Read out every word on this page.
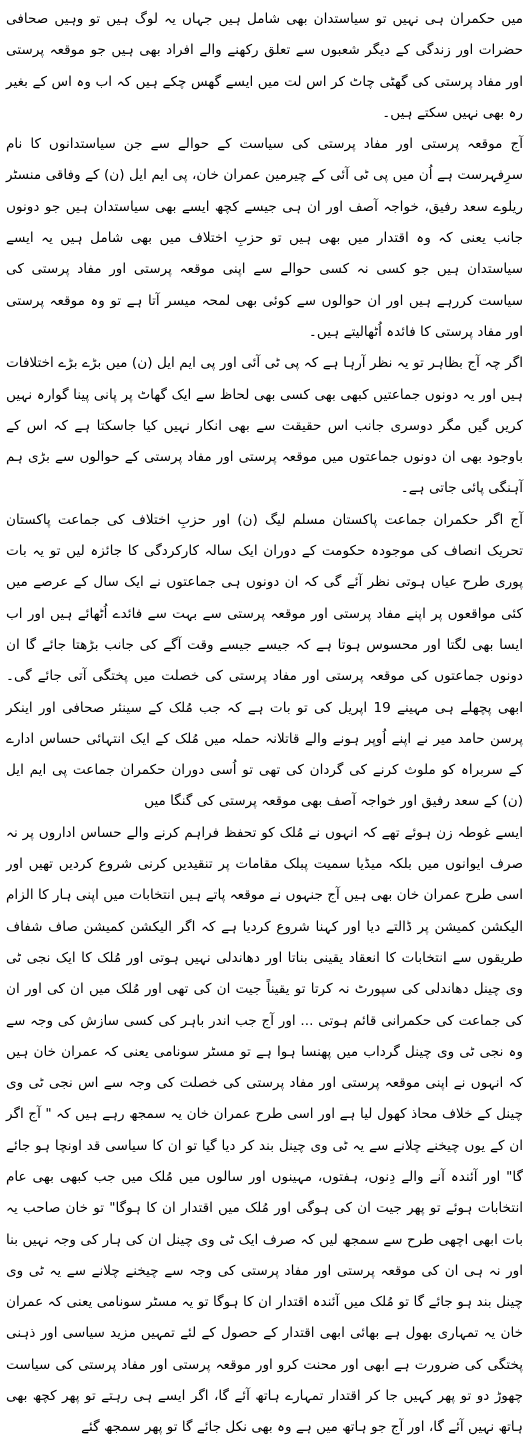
میں حکمران ہی نہیں تو سیاستدان بھی شامل ہیں جہاں یہ لوگ ہیں تو وہیں صحافی حضرات اور زندگی کے دیگر شعبوں سے تعلق رکھنے والے افراد بھی ہیں جو موقعہ پرستی اور مفاد پرستی کی گھٹی چاٹ کر اس لت میں ایسے گھس چکے ہیں کہ اب وہ اس کے بغیر رہ بھی نہیں سکتے ہیں۔

آج موقعہ پرستی اور مفاد پرستی کی سیاست کے حوالے سے جن سیاستدانوں کا نام سرِفہرست ہے اُن میں پی ٹی آئی کے چیرمین عمران خان، پی ایم ایل (ن) کے وفاقی منسٹر ریلوے سعد رفیق، خواجہ آصف اور ان ہی جیسے کچھ ایسے بھی سیاستدان ہیں جو دونوں جانب یعنی کہ وہ اقتدار میں بھی ہیں تو حزبِ اختلاف میں بھی شامل ہیں یہ ایسے سیاستدان ہیں جو کسی نہ کسی حوالے سے اپنی موقعہ پرستی اور مفاد پرستی کی سیاست کررہے ہیں اور ان حوالوں سے کوئی بھی لمحہ میسر آتا ہے تو وہ موقعہ پرستی اور مفاد پرستی کا فائدہ اُٹھالیتے ہیں۔

اگر چہ آج بظاہر تو یہ نظر آرہا ہے کہ پی ٹی آئی اور پی ایم ایل (ن) میں بڑے بڑے اختلافات ہیں اور یہ دونوں جماعتیں کبھی بھی کسی بھی لحاظ سے ایک گھاٹ پر پانی پینا گوارہ نہیں کریں گیں مگر دوسری جانب اس حقیقت سے بھی انکار نہیں کیا جاسکتا ہے کہ اس کے باوجود بھی ان دونوں جماعتوں میں موقعہ پرستی اور مفاد پرستی کے حوالوں سے بڑی ہم آہنگی پائی جاتی ہے۔

آج اگر حکمران جماعت پاکستان مسلم لیگ (ن) اور حزبِ اختلاف کی جماعت پاکستان تحریک انصاف کی موجودہ حکومت کے دوران ایک سالہ کارکردگی کا جائزہ لیں تو یہ بات پوری طرح عیاں ہوتی نظر آئے گی کہ ان دونوں ہی جماعتوں نے ایک سال کے عرصے میں کئی مواقعوں پر اپنے مفاد پرستی اور موقعہ پرستی سے بہت سے فائدے اُٹھائے ہیں اور اب ایسا بھی لگتا اور محسوس ہوتا ہے کہ جیسے جیسے وقت آگے کی جانب بڑھتا جائے گا ان دونوں جماعتوں کی موقعہ پرستی اور مفاد پرستی کی خصلت میں پختگی آتی جائے گی۔ ابھی پچھلے ہی مہینے 19 اپریل کی تو بات ہے کہ جب مُلک کے سینئر صحافی اور اینکر پرسن حامد میر نے اپنے اُوپر ہونے والے قاتلانہ حملہ میں مُلک کے ایک انتہائی حساس ادارے کے سربراہ کو ملوث کرنے کی گردان کی تھی تو اُسی دوران حکمران جماعت پی ایم ایل (ن) کے سعد رفیق اور خواجہ آصف بھی موقعہ پرستی کی گنگا میں

ایسے غوطہ زن ہوئے تھے کہ انہوں نے مُلک کو تحفظ فراہم کرنے والے حساس اداروں پر نہ صرف ایوانوں میں بلکہ میڈیا سمیت پبلک مقامات پر تنقیدیں کرنی شروع کردیں تھیں اور اسی طرح عمران خان بھی ہیں آج جنہوں نے موقعہ پاتے ہیں انتخابات میں اپنی ہار کا الزام الیکشن کمیشن پر ڈالتے دیا اور کہنا شروع کردیا ہے کہ اگر الیکشن کمیشن صاف شفاف طریقوں سے انتخابات کا انعقاد یقینی بناتا اور دھاندلی نہیں ہوتی اور مُلک کا ایک نجی ٹی وی چینل دھاندلی کی سپورٹ نہ کرتا تو یقیناً جیت ان کی تھی اور مُلک میں ان کی اور ان کی جماعت کی حکمرانی قائم ہوتی ... اور آج جب اندر باہر کی کسی سازش کی وجہ سے وہ نجی ٹی وی چینل گرداب میں پھنسا ہوا ہے تو مسٹر سونامی یعنی کہ عمران خان ہیں کہ انہوں نے اپنی موقعہ پرستی اور مفاد پرستی کی خصلت کی وجہ سے اس نجی ٹی وی چینل کے خلاف محاذ کھول لیا ہے اور اسی طرح عمران خان یہ سمجھ رہے ہیں کہ " آج اگر ان کے یوں چیخنے چلانے سے یہ ٹی وی چینل بند کر دیا گیا تو ان کا سیاسی قد اونچا ہو جائے گا" اور آئندہ آنے والے دِنوں، ہفتوں، مہینوں اور سالوں میں مُلک میں جب کبھی بھی عام انتخابات ہوئے تو پھر جیت ان کی ہوگی اور مُلک میں اقتدار ان کا ہوگا" تو خان صاحب یہ بات ابھی اچھی طرح سے سمجھ لیں کہ صرف ایک ٹی وی چینل ان کی ہار کی وجہ نہیں بنا اور نہ ہی ان کی موقعہ پرستی اور مفاد پرستی کی وجہ سے چیخنے چلانے سے یہ ٹی وی چینل بند ہو جائے گا تو مُلک میں آئندہ اقتدار ان کا ہوگا تو یہ مسٹر سونامی یعنی کہ عمران خان یہ تمہاری بھول ہے بھائی ابھی اقتدار کے حصول کے لئے تمہیں مزید سیاسی اور ذہنی پختگی کی ضرورت ہے ابھی اور محنت کرو اور موقعہ پرستی اور مفاد پرستی کی سیاست چھوڑ دو تو پھر کہیں جا کر اقتدار تمہارے ہاتھ آئے گا، اگر ایسے ہی رہتے تو پھر کچھ بھی ہاتھ نہیں آئے گا، اور آج جو ہاتھ میں ہے وہ بھی نکل جائے گا تو پھر سمجھ گئے
